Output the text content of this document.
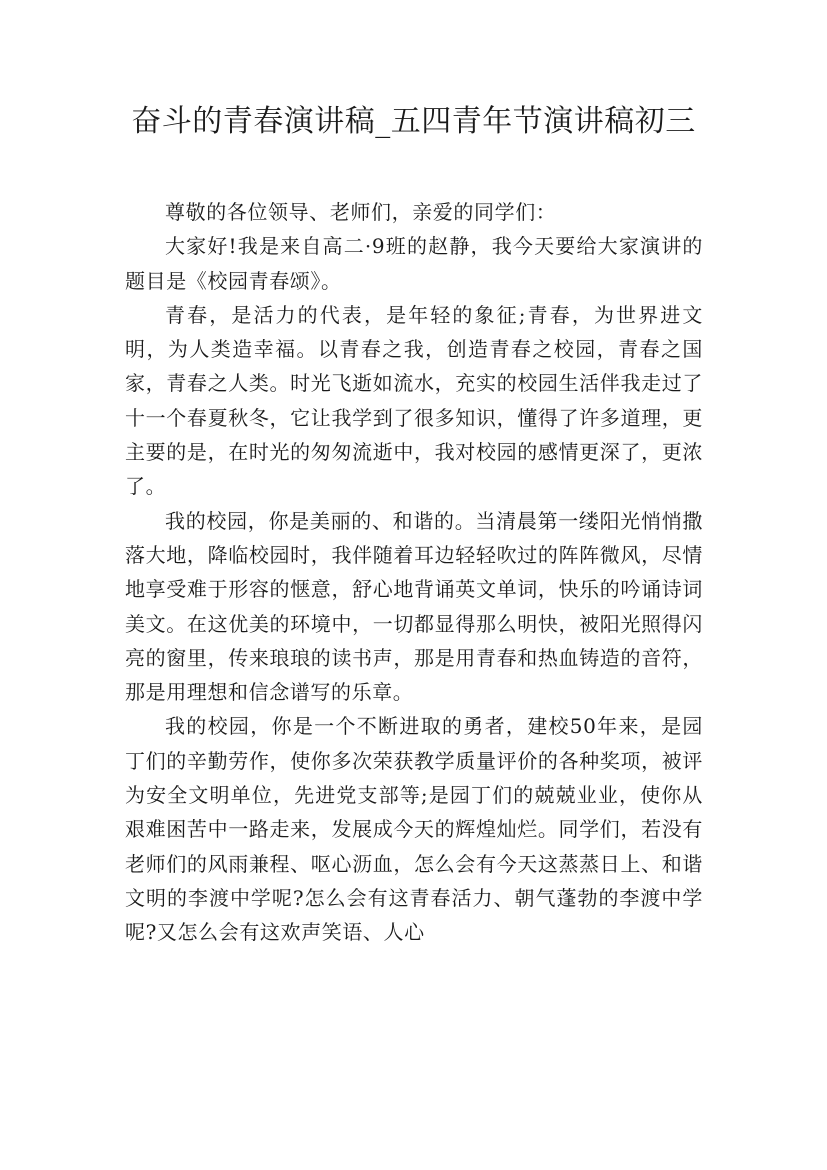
奋斗的青春演讲稿_五四青年节演讲稿初三

尊敬的各位领导、老师们，亲爱的同学们：

大家好!我是来自高二·9班的赵静，我今天要给大家演讲的题目是《校园青春颂》。

青春，是活力的代表，是年轻的象征;青春，为世界进文明，为人类造幸福。以青春之我，创造青春之校园，青春之国家，青春之人类。时光飞逝如流水，充实的校园生活伴我走过了十一个春夏秋冬，它让我学到了很多知识，懂得了许多道理，更主要的是，在时光的匆匆流逝中，我对校园的感情更深了，更浓了。

我的校园，你是美丽的、和谐的。当清晨第一缕阳光悄悄撒落大地，降临校园时，我伴随着耳边轻轻吹过的阵阵微风，尽情地享受难于形容的惬意，舒心地背诵英文单词，快乐的吟诵诗词美文。在这优美的环境中，一切都显得那么明快，被阳光照得闪亮的窗里，传来琅琅的读书声，那是用青春和热血铸造的音符，那是用理想和信念谱写的乐章。

我的校园，你是一个不断进取的勇者，建校50年来，是园丁们的辛勤劳作，使你多次荣获教学质量评价的各种奖项，被评为安全文明单位，先进党支部等;是园丁们的兢兢业业，使你从艰难困苦中一路走来，发展成今天的辉煌灿烂。同学们，若没有老师们的风雨兼程、呕心沥血，怎么会有今天这蒸蒸日上、和谐文明的李渡中学呢?怎么会有这青春活力、朝气蓬勃的李渡中学呢?又怎么会有这欢声笑语、人心
